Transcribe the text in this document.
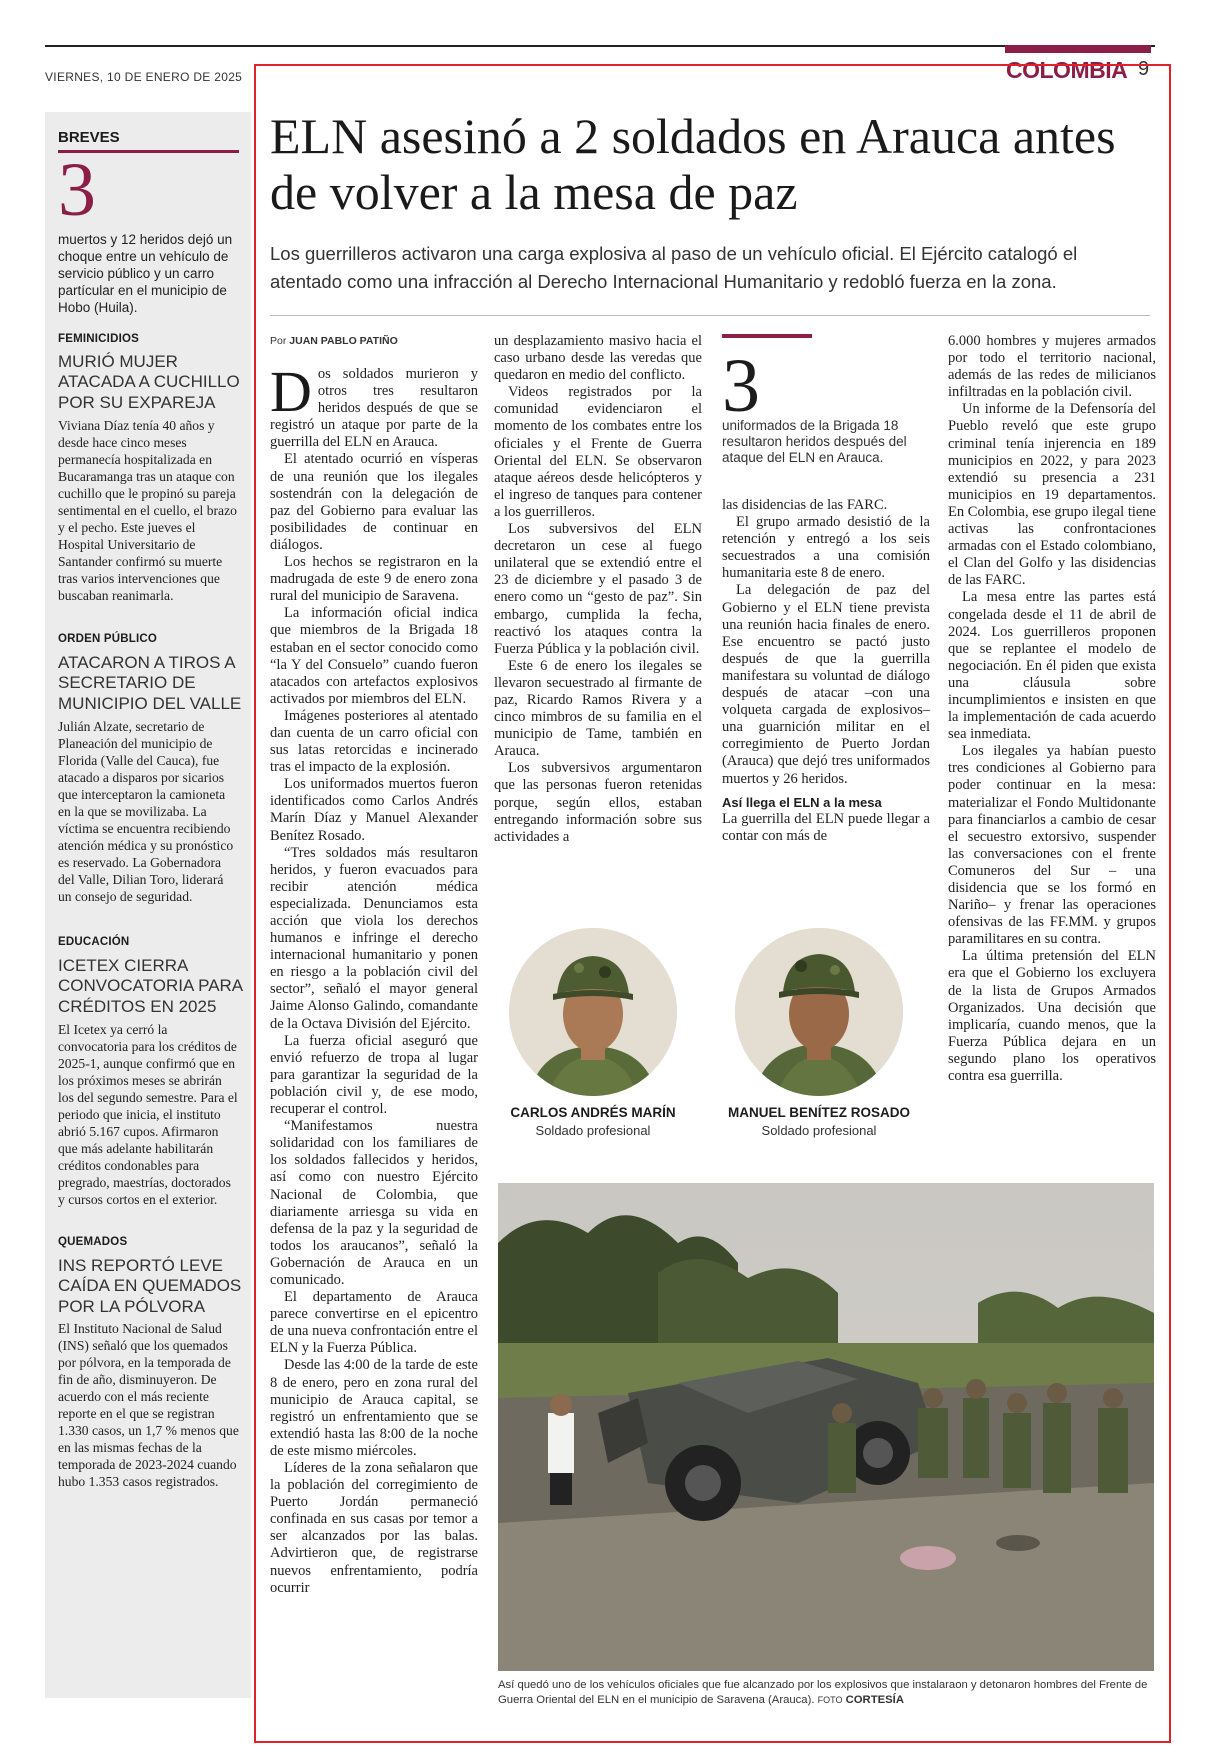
VIERNES, 10 DE ENERO DE 2025	COLOMBIA 9
BREVES
3
muertos y 12 heridos dejó un choque entre un vehículo de servicio público y un carro partícular en el municipio de Hobo (Huila).
FEMINICIDIOS
MURIÓ MUJER ATACADA A CUCHILLO POR SU EXPAREJA
Viviana Díaz tenía 40 años y desde hace cinco meses permanecía hospitalizada en Bucaramanga tras un ataque con cuchillo que le propinó su pareja sentimental en el cuello, el brazo y el pecho. Este jueves el Hospital Universitario de Santander confirmó su muerte tras varios intervenciones que buscaban reanimarla.
ORDEN PÚBLICO
ATACARON A TIROS A SECRETARIO DE MUNICIPIO DEL VALLE
Julián Alzate, secretario de Planeación del municipio de Florida (Valle del Cauca), fue atacado a disparos por sicarios que interceptaron la camioneta en la que se movilizaba. La víctima se encuentra recibiendo atención médica y su pronóstico es reservado. La Gobernadora del Valle, Dilian Toro, liderará un consejo de seguridad.
EDUCACIÓN
ICETEX CIERRA CONVOCATORIA PARA CRÉDITOS EN 2025
El Icetex ya cerró la convocatoria para los créditos de 2025-1, aunque confirmó que en los próximos meses se abrirán los del segundo semestre. Para el periodo que inicia, el instituto abrió 5.167 cupos. Afirmaron que más adelante habilitarán créditos condonables para pregrado, maestrías, doctorados y cursos cortos en el exterior.
QUEMADOS
INS REPORTÓ LEVE CAÍDA EN QUEMADOS POR LA PÓLVORA
El Instituto Nacional de Salud (INS) señaló que los quemados por pólvora, en la temporada de fin de año, disminuyeron. De acuerdo con el más reciente reporte en el que se registran 1.330 casos, un 1,7 % menos que en las mismas fechas de la temporada de 2023-2024 cuando hubo 1.353 casos registrados.
ELN asesinó a 2 soldados en Arauca antes de volver a la mesa de paz
Los guerrilleros activaron una carga explosiva al paso de un vehículo oficial. El Ejército catalogó el atentado como una infracción al Derecho Internacional Humanitario y redobló fuerza en la zona.
Por JUAN PABLO PATIÑO

Dos soldados murieron y otros tres resultaron heridos después de que se registró un ataque por parte de la guerrilla del ELN en Arauca.

El atentado ocurrió en vísperas de una reunión que los ilegales sostendrán con la delegación de paz del Gobierno para evaluar las posibilidades de continuar en diálogos.

Los hechos se registraron en la madrugada de este 9 de enero zona rural del municipio de Saravena.

La información oficial indica que miembros de la Brigada 18 estaban en el sector conocido como “la Y del Consuelo” cuando fueron atacados con artefactos explosivos activados por miembros del ELN.

Imágenes posteriores al atentado dan cuenta de un carro oficial con sus latas retorcidas e incinerado tras el impacto de la explosión.

Los uniformados muertos fueron identificados como Carlos Andrés Marín Díaz y Manuel Alexander Benítez Rosado.

“Tres soldados más resultaron heridos, y fueron evacuados para recibir atención médica especializada. Denunciamos esta acción que viola los derechos humanos e infringe el derecho internacional humanitario y ponen en riesgo a la población civil del sector”, señaló el mayor general Jaime Alonso Galindo, comandante de la Octava División del Ejército.

La fuerza oficial aseguró que envió refuerzo de tropa al lugar para garantizar la seguridad de la población civil y, de ese modo, recuperar el control.

“Manifestamos nuestra solidaridad con los familiares de los soldados fallecidos y heridos, así como con nuestro Ejército Nacional de Colombia, que diariamente arriesga su vida en defensa de la paz y la seguridad de todos los araucanos”, señaló la Gobernación de Arauca en un comunicado.

El departamento de Arauca parece convertirse en el epicentro de una nueva confrontación entre el ELN y la Fuerza Pública.

Desde las 4:00 de la tarde de este 8 de enero, pero en zona rural del municipio de Arauca capital, se registró un enfrentamiento que se extendió hasta las 8:00 de la noche de este mismo miércoles.

Líderes de la zona señalaron que la población del corregimiento de Puerto Jordán permaneció confinada en sus casas por temor a ser alcanzados por las balas. Advirtieron que, de registrarse nuevos enfrentamiento, podría ocurrir

un desplazamiento masivo hacia el caso urbano desde las veredas que quedaron en medio del conflicto.

Videos registrados por la comunidad evidenciaron el momento de los combates entre los oficiales y el Frente de Guerra Oriental del ELN. Se observaron ataque aéreos desde helicópteros y el ingreso de tanques para contener a los guerrilleros.

Los subversivos del ELN decretaron un cese al fuego unilateral que se extendió entre el 23 de diciembre y el pasado 3 de enero como un “gesto de paz”. Sin embargo, cumplida la fecha, reactivó los ataques contra la Fuerza Pública y la población civil.

Este 6 de enero los ilegales se llevaron secuestrado al firmante de paz, Ricardo Ramos Rivera y a cinco mimbros de su familia en el municipio de Tame, también en Arauca.

Los subversivos argumentaron que las personas fueron retenidas porque, según ellos, estaban entregando información sobre sus actividades a

3
uniformados de la Brigada 18 resultaron heridos después del ataque del ELN en Arauca.

las disidencias de las FARC.

El grupo armado desistió de la retención y entregó a los seis secuestrados a una comisión humanitaria este 8 de enero.

La delegación de paz del Gobierno y el ELN tiene prevista una reunión hacia finales de enero. Ese encuentro se pactó justo después de que la guerrilla manifestara su voluntad de diálogo después de atacar –con una volqueta cargada de explosivos– una guarnición militar en el corregimiento de Puerto Jordan (Arauca) que dejó tres uniformados muertos y 26 heridos.

Así llega el ELN a la mesa

La guerrilla del ELN puede llegar a contar con más de

6.000 hombres y mujeres armados por todo el territorio nacional, además de las redes de milicianos infiltradas en la población civil.

Un informe de la Defensoría del Pueblo reveló que este grupo criminal tenía injerencia en 189 municipios en 2022, y para 2023 extendió su presencia a 231 municipios en 19 departamentos. En Colombia, ese grupo ilegal tiene activas las confrontaciones armadas con el Estado colombiano, el Clan del Golfo y las disidencias de las FARC.

La mesa entre las partes está congelada desde el 11 de abril de 2024. Los guerrilleros proponen que se replantee el modelo de negociación. En él piden que exista una cláusula sobre incumplimientos e insisten en que la implementación de cada acuerdo sea inmediata.

Los ilegales ya habían puesto tres condiciones al Gobierno para poder continuar en la mesa: materializar el Fondo Multidonante para financiarlos a cambio de cesar el secuestro extorsivo, suspender las conversaciones con el frente Comuneros del Sur – una disidencia que se los formó en Nariño– y frenar las operaciones ofensivas de las FF.MM. y grupos paramilitares en su contra.

La última pretensión del ELN era que el Gobierno los excluyera de la lista de Grupos Armados Organizados. Una decisión que implicaría, cuando menos, que la Fuerza Pública dejara en un segundo plano los operativos contra esa guerrilla.

CARLOS ANDRÉS MARÍN
Soldado profesional
MANUEL BENÍTEZ ROSADO
Soldado profesional
Así quedó uno de los vehículos oficiales que fue alcanzado por los explosivos que instalaraon y detonaron hombres del Frente de Guerra Oriental del ELN en el municipio de Saravena (Arauca). FOTO CORTESÍA
